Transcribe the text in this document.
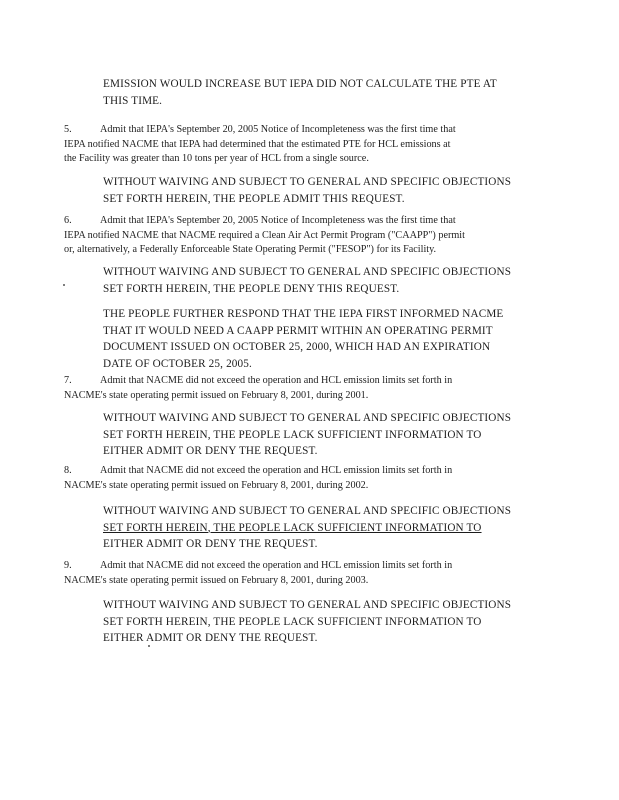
EMISSION WOULD INCREASE BUT IEPA DID NOT CALCULATE THE PTE AT
THIS TIME.
5.	Admit that IEPA's September 20, 2005 Notice of Incompleteness was the first time that
IEPA notified NACME that IEPA had determined that the estimated PTE for HCL emissions at
the Facility was greater than 10 tons per year of HCL from a single source.
WITHOUT WAIVING AND SUBJECT TO GENERAL AND SPECIFIC OBJECTIONS
SET FORTH HEREIN, THE PEOPLE ADMIT THIS REQUEST.
6.	Admit that IEPA's September 20, 2005 Notice of Incompleteness was the first time that
IEPA notified NACME that NACME required a Clean Air Act Permit Program ("CAAPP") permit
or, alternatively, a Federally Enforceable State Operating Permit ("FESOP") for its Facility.
WITHOUT WAIVING AND SUBJECT TO GENERAL AND SPECIFIC OBJECTIONS
SET FORTH HEREIN, THE PEOPLE DENY THIS REQUEST.
THE PEOPLE FURTHER RESPOND THAT THE IEPA FIRST INFORMED NACME
THAT IT WOULD NEED A CAAPP PERMIT WITHIN AN OPERATING PERMIT
DOCUMENT ISSUED ON OCTOBER 25, 2000, WHICH HAD AN EXPIRATION
DATE OF OCTOBER 25, 2005.
7.	Admit that NACME did not exceed the operation and HCL emission limits set forth in
NACME's state operating permit issued on February 8, 2001, during 2001.
WITHOUT WAIVING AND SUBJECT TO GENERAL AND SPECIFIC OBJECTIONS
SET FORTH HEREIN, THE PEOPLE LACK SUFFICIENT INFORMATION TO
EITHER ADMIT OR DENY THE REQUEST.
8.	Admit that NACME did not exceed the operation and HCL emission limits set forth in
NACME's state operating permit issued on February 8, 2001, during 2002.
WITHOUT WAIVING AND SUBJECT TO GENERAL AND SPECIFIC OBJECTIONS
SET FORTH HEREIN, THE PEOPLE LACK SUFFICIENT INFORMATION TO
EITHER ADMIT OR DENY THE REQUEST.
9.	Admit that NACME did not exceed the operation and HCL emission limits set forth in
NACME's state operating permit issued on February 8, 2001, during 2003.
WITHOUT WAIVING AND SUBJECT TO GENERAL AND SPECIFIC OBJECTIONS
SET FORTH HEREIN, THE PEOPLE LACK SUFFICIENT INFORMATION TO
EITHER ADMIT OR DENY THE REQUEST.
